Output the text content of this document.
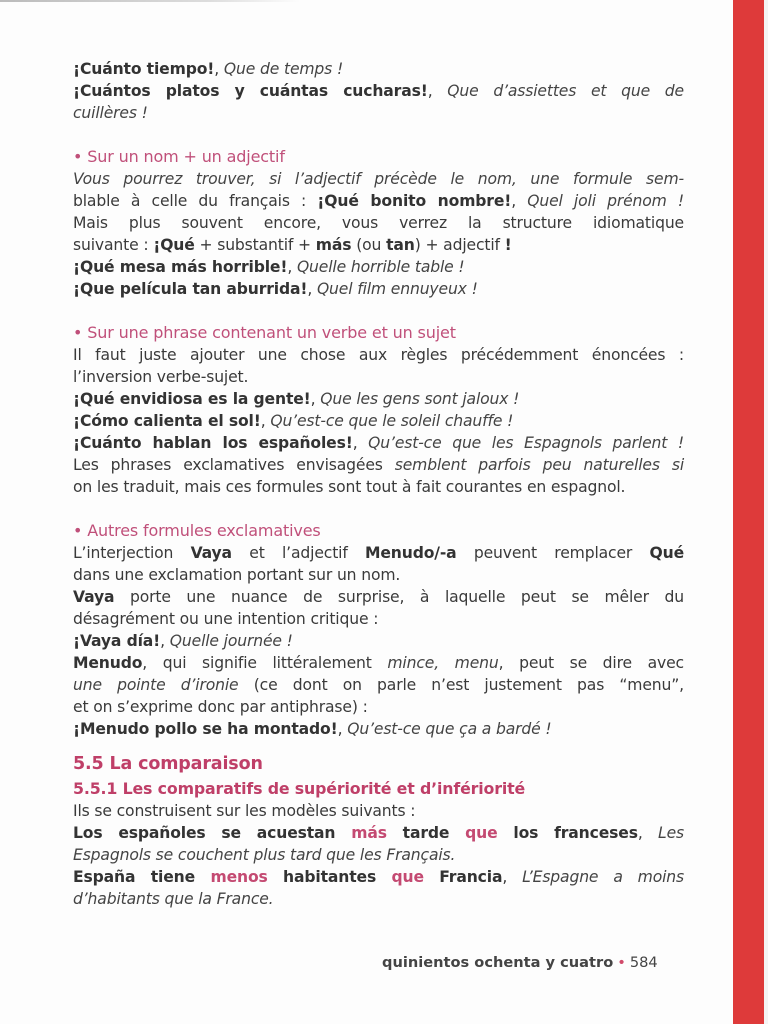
¡Cuánto tiempo!, Que de temps !
¡Cuántos platos y cuántas cucharas!, Que d’assiettes et que de
cuillères !
• Sur un nom + un adjectif
Vous pourrez trouver, si l’adjectif précède le nom, une formule sem-
blable à celle du français : ¡Qué bonito nombre!, Quel joli prénom !
Mais plus souvent encore, vous verrez la structure idiomatique
suivante : ¡Qué + substantif + más (ou tan) + adjectif !
¡Qué mesa más horrible!, Quelle horrible table !
¡Que película tan aburrida!, Quel film ennuyeux !
• Sur une phrase contenant un verbe et un sujet
Il faut juste ajouter une chose aux règles précédemment énoncées :
l’inversion verbe-sujet.
¡Qué envidiosa es la gente!, Que les gens sont jaloux !
¡Cómo calienta el sol!, Qu’est-ce que le soleil chauffe !
¡Cuánto hablan los españoles!, Qu’est-ce que les Espagnols parlent !
Les phrases exclamatives envisagées semblent parfois peu naturelles si
on les traduit, mais ces formules sont tout à fait courantes en espagnol.
• Autres formules exclamatives
L’interjection Vaya et l’adjectif Menudo/-a peuvent remplacer Qué
dans une exclamation portant sur un nom.
Vaya porte une nuance de surprise, à laquelle peut se mêler du
désagrément ou une intention critique :
¡Vaya día!, Quelle journée !
Menudo, qui signifie littéralement mince, menu, peut se dire avec
une pointe d’ironie (ce dont on parle n’est justement pas “menu”,
et on s’exprime donc par antiphrase) :
¡Menudo pollo se ha montado!, Qu’est-ce que ça a bardé !
5.5 La comparaison
5.5.1 Les comparatifs de supériorité et d’infériorité
Ils se construisent sur les modèles suivants :
Los españoles se acuestan más tarde que los franceses, Les
Espagnols se couchent plus tard que les Français.
España tiene menos habitantes que Francia, L’Espagne a moins
d’habitants que la France.
quinientos ochenta y cuatro • 584
